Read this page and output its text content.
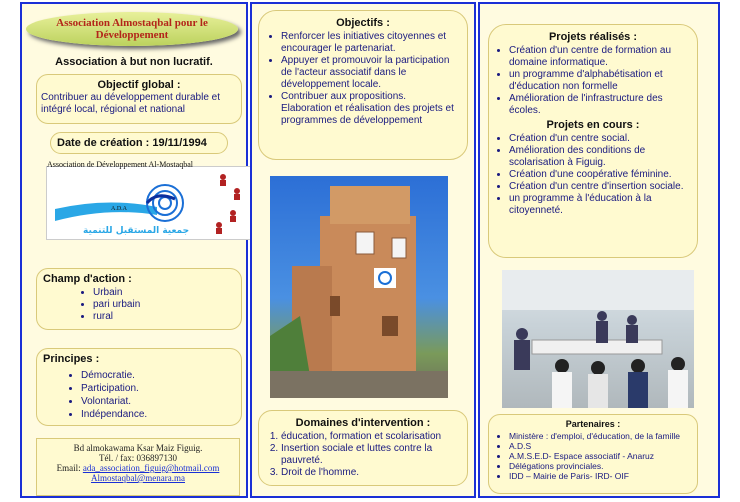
Association Almostaqbal pour le
Développement
Association à but non lucratif.
Objectif global :
Contribuer au développement durable et intégré local, régional et national
Date de création : 19/11/1994
Association de Développement Al-Mostaqbal
A.D.A
جمعية المستقبل للتنمية
Champ d'action :
• Urbain
• pari urbain
• rural
Principes :
• Démocratie.
• Participation.
• Volontariat.
• Indépendance.
Bd almokawama Ksar Maiz Figuig.
Tél. / fax: 036897130
Email: ada_association_figuig@hotmail.com
Almostaqbal@menara.ma
Objectifs :
• Renforcer les initiatives citoyennes et encourager le partenariat.
• Appuyer et promouvoir la participation de l'acteur associatif dans le développement locale.
• Contribuer aux propositions. Elaboration et réalisation des projets et programmes de développement
Domaines d'intervention :
1. éducation, formation et scolarisation
2. Insertion sociale et luttes contre la pauvreté.
3. Droit de l'homme.
Projets réalisés :
• Création d'un centre de formation au domaine informatique.
• un programme d'alphabétisation et d'éducation non formelle
• Amélioration de l'infrastructure des écoles.
Projets en cours :
• Création d'un centre social.
• Amélioration des conditions de scolarisation à Figuig.
• Création d'une coopérative féminine.
• Création d'un centre d'insertion sociale.
• un programme à l'éducation à la citoyenneté.
Partenaires :
• Ministère : d'emploi, d'éducation, de la famille
• A.D.S
• A.M.S.E.D- Espace associatif - Anaruz
• Délégations provinciales.
• IDD – Mairie de Paris- IRD- OIF
